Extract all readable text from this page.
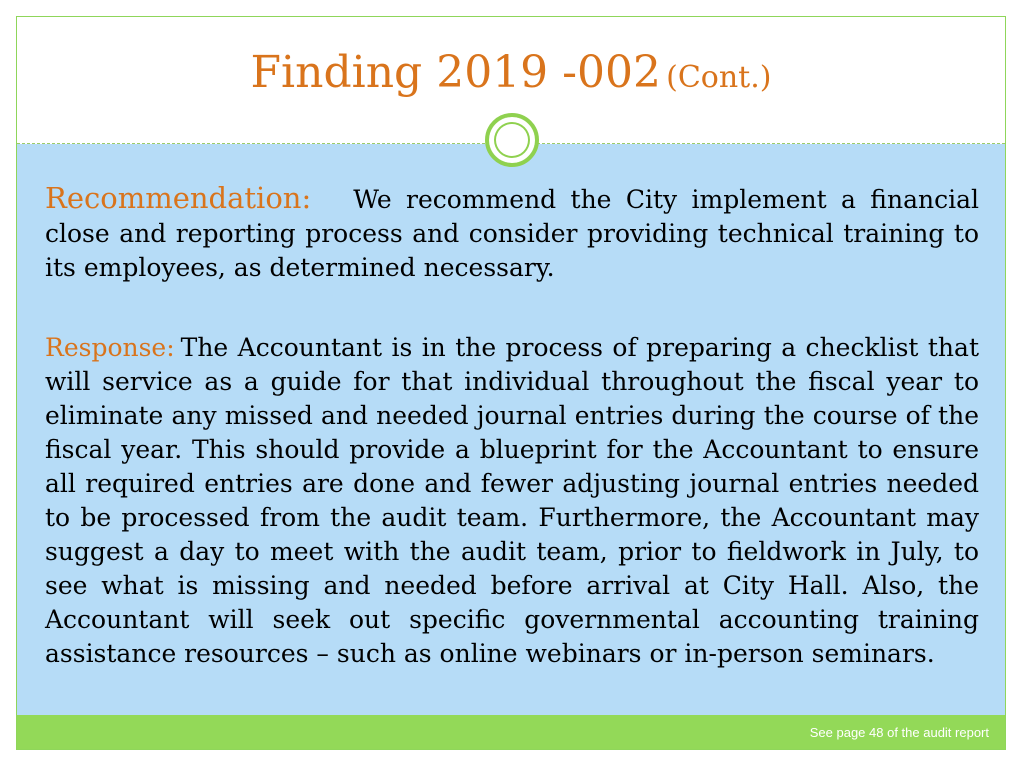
Finding 2019 -002 (Cont.)
Recommendation: We recommend the City implement a financial close and reporting process and consider providing technical training to its employees, as determined necessary.
Response: The Accountant is in the process of preparing a checklist that will service as a guide for that individual throughout the fiscal year to eliminate any missed and needed journal entries during the course of the fiscal year. This should provide a blueprint for the Accountant to ensure all required entries are done and fewer adjusting journal entries needed to be processed from the audit team. Furthermore, the Accountant may suggest a day to meet with the audit team, prior to fieldwork in July, to see what is missing and needed before arrival at City Hall. Also, the Accountant will seek out specific governmental accounting training assistance resources – such as online webinars or in-person seminars.
See page 48 of the audit report
